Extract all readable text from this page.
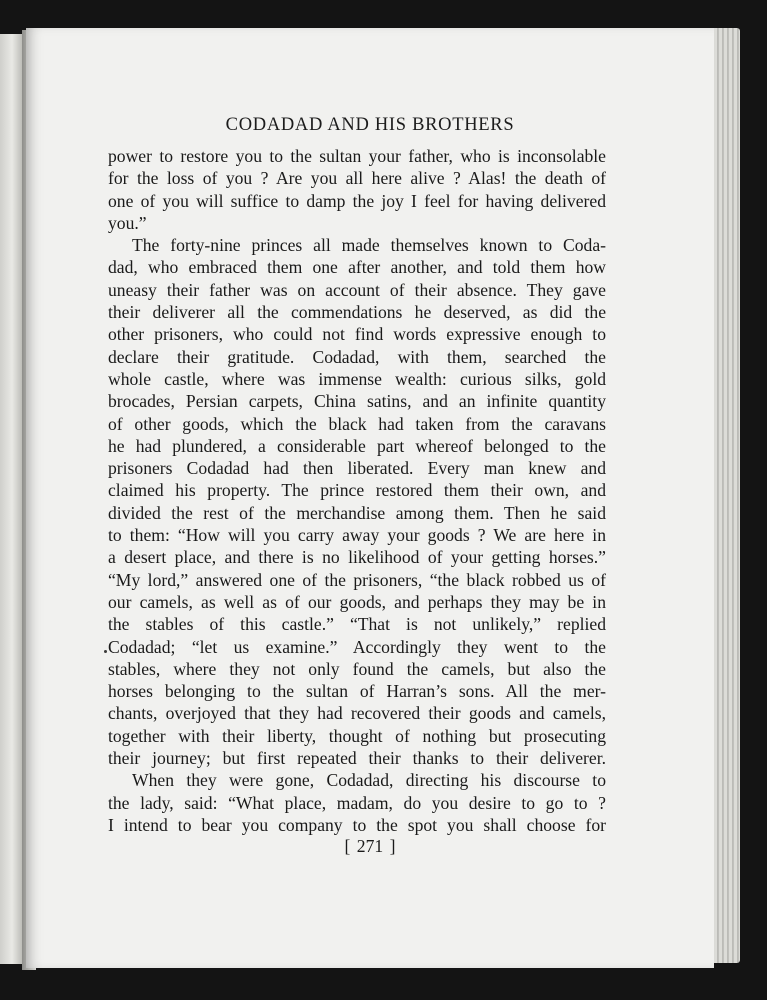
CODADAD AND HIS BROTHERS
power to restore you to the sultan your father, who is inconsolable
for the loss of you ? Are you all here alive ? Alas! the death of
one of you will suffice to damp the joy I feel for having delivered
you.”
The forty-nine princes all made themselves known to Coda-
dad, who embraced them one after another, and told them how
uneasy their father was on account of their absence. They gave
their deliverer all the commendations he deserved, as did the
other prisoners, who could not find words expressive enough to
declare their gratitude. Codadad, with them, searched the
whole castle, where was immense wealth: curious silks, gold
brocades, Persian carpets, China satins, and an infinite quantity
of other goods, which the black had taken from the caravans
he had plundered, a considerable part whereof belonged to the
prisoners Codadad had then liberated. Every man knew and
claimed his property. The prince restored them their own, and
divided the rest of the merchandise among them. Then he said
to them: “How will you carry away your goods ? We are here in
a desert place, and there is no likelihood of your getting horses.”
“My lord,” answered one of the prisoners, “the black robbed us of
our camels, as well as of our goods, and perhaps they may be in
the stables of this castle.” “That is not unlikely,” replied
Codadad; “let us examine.” Accordingly they went to the
stables, where they not only found the camels, but also the
horses belonging to the sultan of Harran’s sons. All the mer-
chants, overjoyed that they had recovered their goods and camels,
together with their liberty, thought of nothing but prosecuting
their journey; but first repeated their thanks to their deliverer.
When they were gone, Codadad, directing his discourse to
the lady, said: “What place, madam, do you desire to go to ?
I intend to bear you company to the spot you shall choose for
[ 271 ]
